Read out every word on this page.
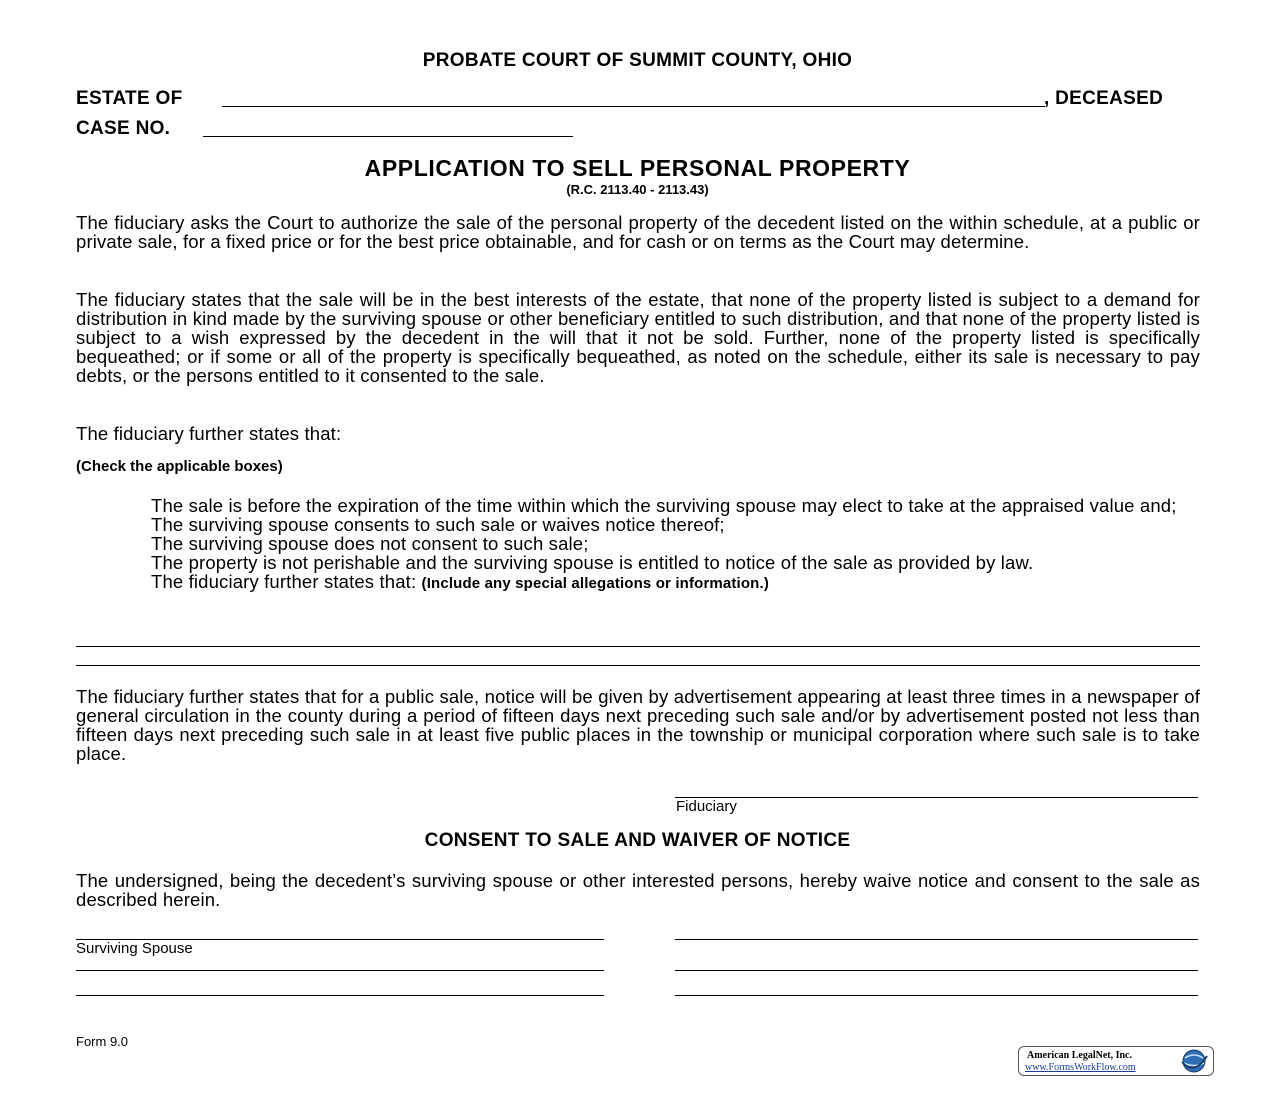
PROBATE COURT OF SUMMIT COUNTY, OHIO
ESTATE OF	, DECEASED
CASE NO.
APPLICATION TO SELL PERSONAL PROPERTY
(R.C. 2113.40 - 2113.43)
The fiduciary asks the Court to authorize the sale of the personal property of the decedent listed on the within schedule, at a public or private sale, for a fixed price or for the best price obtainable, and for cash or on terms as the Court may determine.
The fiduciary states that the sale will be in the best interests of the estate, that none of the property listed is subject to a demand for distribution in kind made by the surviving spouse or other beneficiary entitled to such distribution, and that none of the property listed is subject to a wish expressed by the decedent in the will that it not be sold. Further, none of the property listed is specifically bequeathed; or if some or all of the property is specifically bequeathed, as noted on the schedule, either its sale is necessary to pay debts, or the persons entitled to it consented to the sale.
The fiduciary further states that:
(Check the applicable boxes)

The sale is before the expiration of the time within which the surviving spouse may elect to take at the appraised value and;

The surviving spouse consents to such sale or waives notice thereof;

The surviving spouse does not consent to such sale;

The property is not perishable and the surviving spouse is entitled to notice of the sale as provided by law.

The fiduciary further states that: (Include any special allegations or information.)

The fiduciary further states that for a public sale, notice will be given by advertisement appearing at least three times in a newspaper of general circulation in the county during a period of fifteen days next preceding such sale and/or by advertisement posted not less than fifteen days next preceding such sale in at least five public places in the township or municipal corporation where such sale is to take place.
Fiduciary
CONSENT TO SALE AND WAIVER OF NOTICE
The undersigned, being the decedent’s surviving spouse or other interested persons, hereby waive notice and consent to the sale as described herein.
Surviving Spouse
Form 9.0
American LegalNet, Inc.
www.FormsWorkFlow.com
